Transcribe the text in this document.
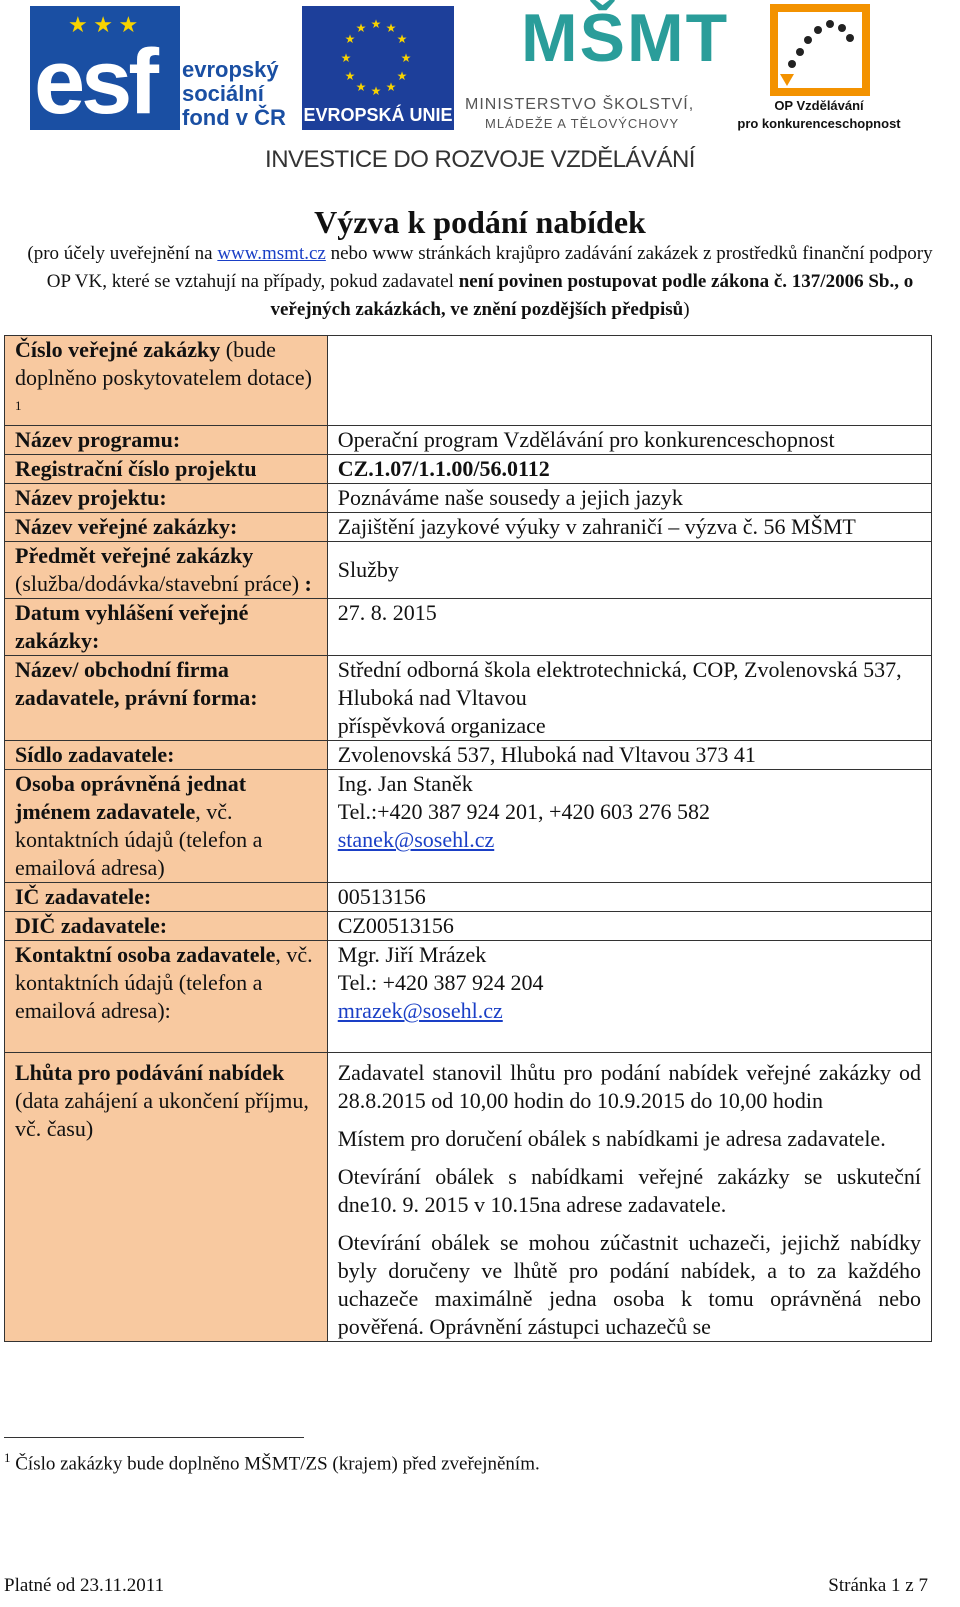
★ ★ ★
esf evropský
sociální
fond v ČR
★ ★
★
★
★
★
★
★
★
★
★
★
EVROPSKÁ UNIE
MŠMT
MINISTERSTVO ŠKOLSTVÍ,
MLÁDEŽE A TĚLOVÝCHOVY
OP Vzdělávání
pro konkurenceschopnost
INVESTICE DO ROZVOJE VZDĚLÁVÁNÍ
Výzva k podání nabídek
(pro účely uveřejnění na www.msmt.cz nebo www stránkách krajůpro zadávání zakázek z prostředků finanční podpory OP VK, které se vztahují na případy, pokud zadavatel není povinen postupovat podle zákona č. 137/2006 Sb., o veřejných zakázkách, ve znění pozdějších předpisů)
Číslo veřejné zakázky (bude doplněno poskytovatelem dotace) $^1$	
Název programu:	Operační program Vzdělávání pro konkurenceschopnost
Registrační číslo projektu	CZ.1.07/1.1.00/56.0112
Název projektu:	Poznáváme naše sousedy a jejich jazyk
Název veřejné zakázky:	Zajištění jazykové výuky v zahraničí – výzva č. 56 MŠMT
Předmět veřejné zakázky
(služba/dodávka/stavební práce) :	Služby
Datum vyhlášení veřejné zakázky:	27. 8. 2015
Název/ obchodní firma zadavatele, právní forma:	Střední odborná škola elektrotechnická, COP, Zvolenovská 537, Hluboká nad Vltavou
příspěvková organizace

Sídlo zadavatele:	Zvolenovská 537, Hluboká nad Vltavou 373 41
Osoba oprávněná jednat jménem zadavatele, vč. kontaktních údajů (telefon a emailová adresa)	Ing. Jan Staněk
Tel.:+420 387 924 201, +420 603 276 582
stanek@sosehl.cz

IČ zadavatele:	00513156
DIČ zadavatele:	CZ00513156
Kontaktní osoba zadavatele, vč. kontaktních údajů (telefon a emailová adresa):	Mgr. Jiří Mrázek
Tel.: +420 387 924 204
mrazek@sosehl.cz

Lhůta pro podávání nabídek (data zahájení a ukončení příjmu, vč. času)	Zadavatel stanovil lhůtu pro podání nabídek veřejné zakázky od 28.8.2015 od 10,00 hodin do 10.9.2015 do 10,00 hodin

Místem pro doručení obálek s nabídkami je adresa zadavatele.

Otevírání obálek s nabídkami veřejné zakázky se uskuteční dne10. 9. 2015 v 10.15na adrese zadavatele.

Otevírání obálek se mohou zúčastnit uchazeči, jejichž nabídky byly doručeny ve lhůtě pro podání nabídek, a to za každého uchazeče maximálně jedna osoba k tomu oprávněná nebo pověřená. Oprávnění zástupci uchazečů se

$^1$ Číslo zakázky bude doplněno MŠMT/ZS (krajem) před zveřejněním.
Platné od 23.11.2011	Stránka 1 z 7
